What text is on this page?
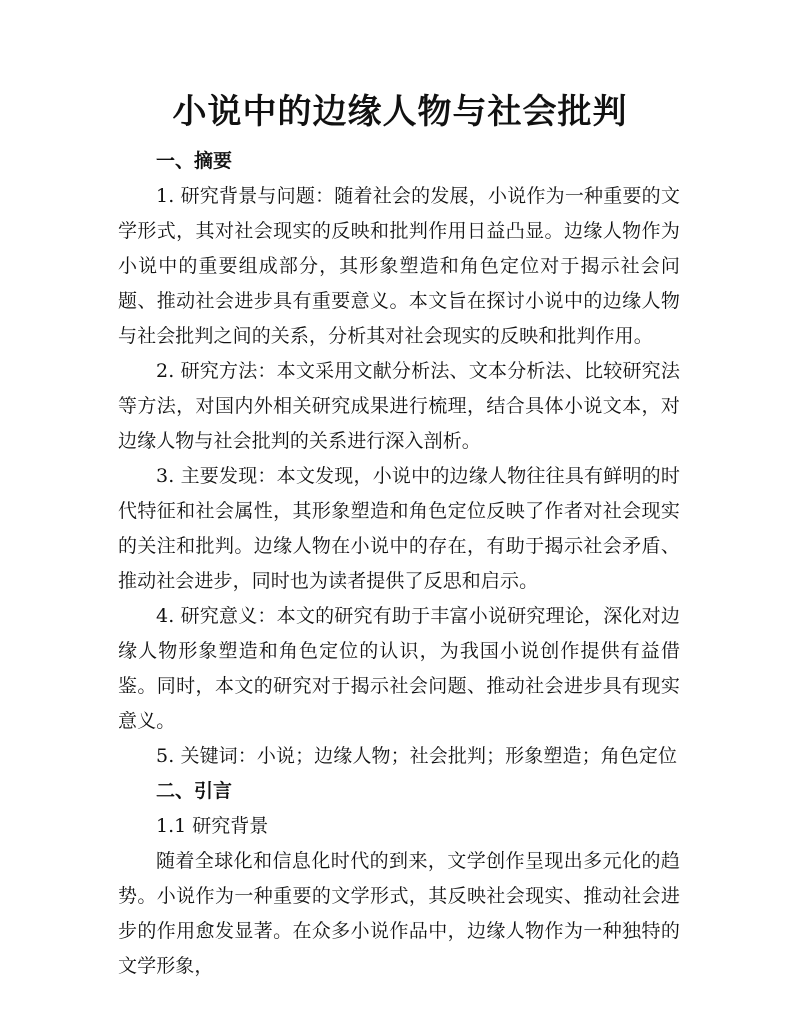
小说中的边缘人物与社会批判

一、摘要

1. 研究背景与问题：随着社会的发展，小说作为一种重要的文学形式，其对社会现实的反映和批判作用日益凸显。边缘人物作为小说中的重要组成部分，其形象塑造和角色定位对于揭示社会问题、推动社会进步具有重要意义。本文旨在探讨小说中的边缘人物与社会批判之间的关系，分析其对社会现实的反映和批判作用。

2. 研究方法：本文采用文献分析法、文本分析法、比较研究法等方法，对国内外相关研究成果进行梳理，结合具体小说文本，对边缘人物与社会批判的关系进行深入剖析。

3. 主要发现：本文发现，小说中的边缘人物往往具有鲜明的时代特征和社会属性，其形象塑造和角色定位反映了作者对社会现实的关注和批判。边缘人物在小说中的存在，有助于揭示社会矛盾、推动社会进步，同时也为读者提供了反思和启示。

4. 研究意义：本文的研究有助于丰富小说研究理论，深化对边缘人物形象塑造和角色定位的认识，为我国小说创作提供有益借鉴。同时，本文的研究对于揭示社会问题、推动社会进步具有现实意义。

5. 关键词：小说；边缘人物；社会批判；形象塑造；角色定位

二、引言

1.1 研究背景

随着全球化和信息化时代的到来，文学创作呈现出多元化的趋势。小说作为一种重要的文学形式，其反映社会现实、推动社会进步的作用愈发显著。在众多小说作品中，边缘人物作为一种独特的文学形象，
